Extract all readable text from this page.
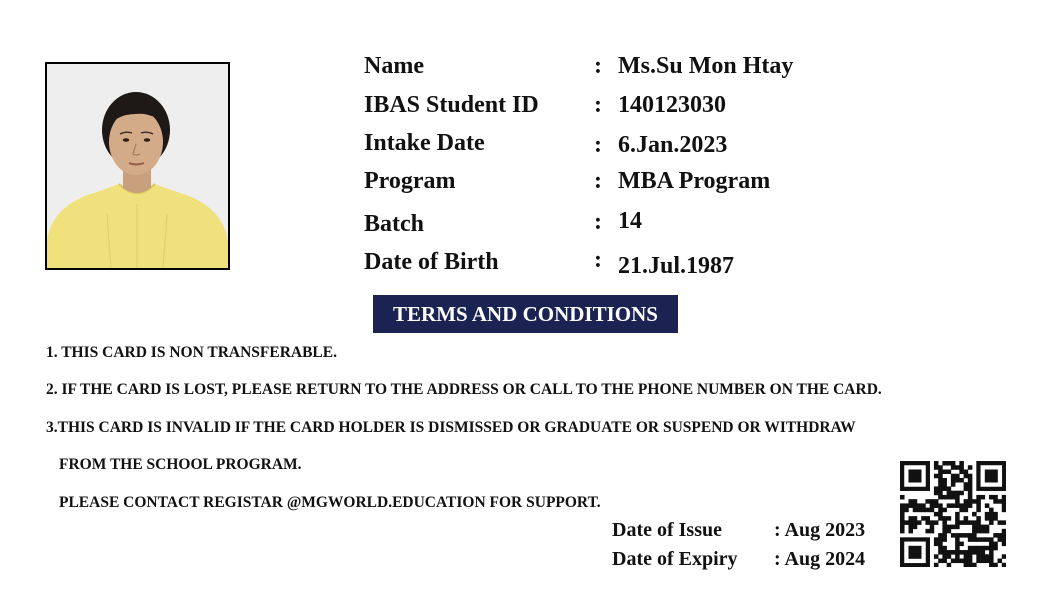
Name	: Ms.Su Mon Htay
IBAS Student ID : 140123030
Intake Date	: 6.Jan.2023
Program	: MBA Program
Batch	: 14
Date of Birth	: 21.Jul.1987
TERMS AND CONDITIONS
1. THIS CARD IS NON TRANSFERABLE.
2. IF THE CARD IS LOST, PLEASE RETURN TO THE ADDRESS OR CALL TO THE PHONE NUMBER ON THE CARD.
3.THIS CARD IS INVALID IF THE CARD HOLDER IS DISMISSED OR GRADUATE OR SUSPEND OR WITHDRAW
FROM THE SCHOOL PROGRAM.
PLEASE CONTACT REGISTAR @MGWORLD.EDUCATION FOR SUPPORT.
Date of Issue	: Aug 2023
Date of Expiry : Aug 2024
